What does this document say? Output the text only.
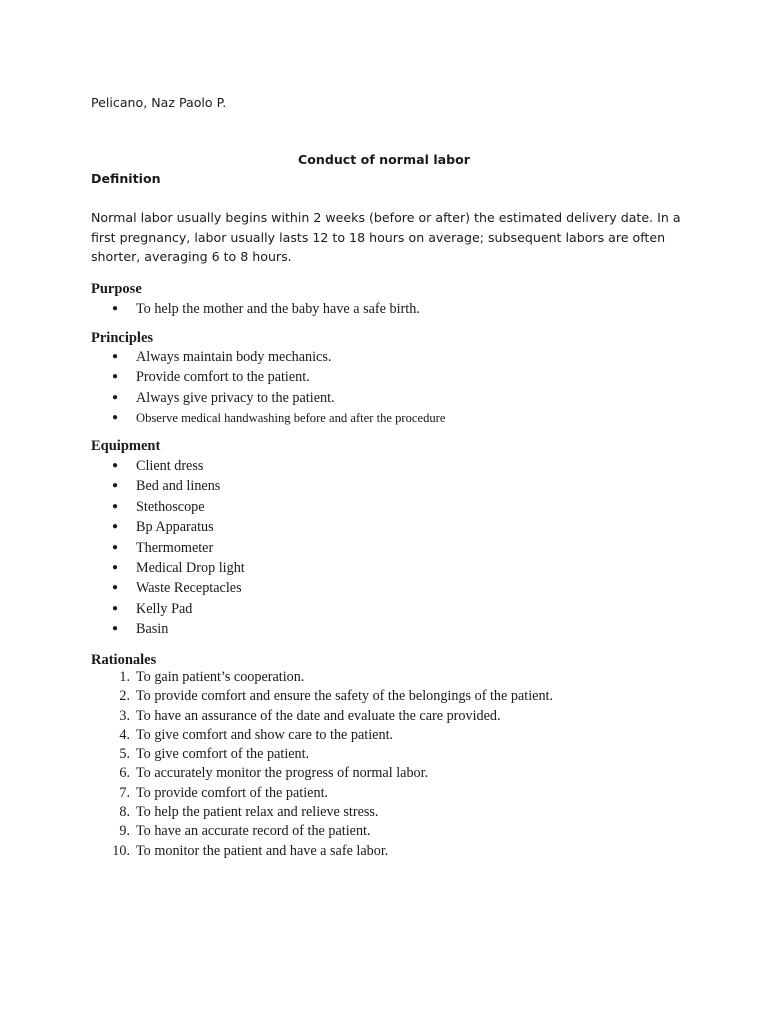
Pelicano, Naz Paolo P.
Conduct of normal labor
Definition
Normal labor usually begins within 2 weeks (before or after) the estimated delivery date. In a first pregnancy, labor usually lasts 12 to 18 hours on average; subsequent labors are often shorter, averaging 6 to 8 hours.
Purpose
● To help the mother and the baby have a safe birth.
Principles
● Always maintain body mechanics.
● Provide comfort to the patient.
● Always give privacy to the patient.
● Observe medical handwashing before and after the procedure
Equipment
● Client dress
● Bed and linens
● Stethoscope
● Bp Apparatus
● Thermometer
● Medical Drop light
● Waste Receptacles
● Kelly Pad
● Basin
Rationales
1. To gain patient’s cooperation.
2. To provide comfort and ensure the safety of the belongings of the patient.
3. To have an assurance of the date and evaluate the care provided.
4. To give comfort and show care to the patient.
5. To give comfort of the patient.
6. To accurately monitor the progress of normal labor.
7. To provide comfort of the patient.
8. To help the patient relax and relieve stress.
9. To have an accurate record of the patient.
10. To monitor the patient and have a safe labor.
